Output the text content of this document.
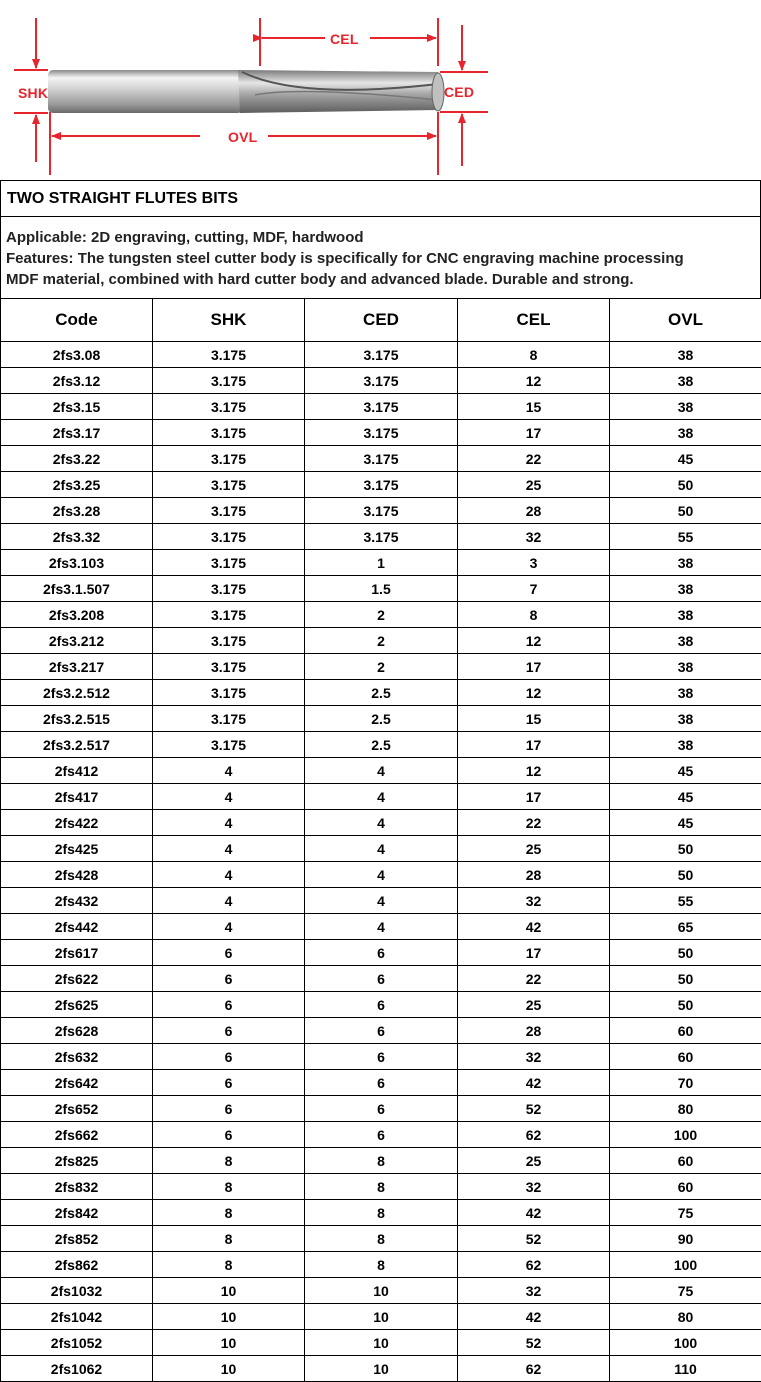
CEL
SHK	CED
OVL
TWO STRAIGHT FLUTES BITS

Applicable: 2D engraving, cutting, MDF, hardwood

Features: The tungsten steel cutter body is specifically for CNC engraving machine processing

MDF material, combined with hard cutter body and advanced blade. Durable and strong.

Code	SHK	CED	CEL	OVL
2fs3.08	3.175	3.175	8	38
2fs3.12	3.175	3.175	12	38
2fs3.15	3.175	3.175	15	38
2fs3.17	3.175	3.175	17	38
2fs3.22	3.175	3.175	22	45
2fs3.25	3.175	3.175	25	50
2fs3.28	3.175	3.175	28	50
2fs3.32	3.175	3.175	32	55
2fs3.103	3.175	1	3	38
2fs3.1.507	3.175	1.5	7	38
2fs3.208	3.175	2	8	38
2fs3.212	3.175	2	12	38
2fs3.217	3.175	2	17	38
2fs3.2.512	3.175	2.5	12	38
2fs3.2.515	3.175	2.5	15	38
2fs3.2.517	3.175	2.5	17	38
2fs412	4	4	12	45
2fs417	4	4	17	45
2fs422	4	4	22	45
2fs425	4	4	25	50
2fs428	4	4	28	50
2fs432	4	4	32	55
2fs442	4	4	42	65
2fs617	6	6	17	50
2fs622	6	6	22	50
2fs625	6	6	25	50
2fs628	6	6	28	60
2fs632	6	6	32	60
2fs642	6	6	42	70
2fs652	6	6	52	80
2fs662	6	6	62	100
2fs825	8	8	25	60
2fs832	8	8	32	60
2fs842	8	8	42	75
2fs852	8	8	52	90
2fs862	8	8	62	100
2fs1032	10	10	32	75
2fs1042	10	10	42	80
2fs1052	10	10	52	100
2fs1062	10	10	62	110
